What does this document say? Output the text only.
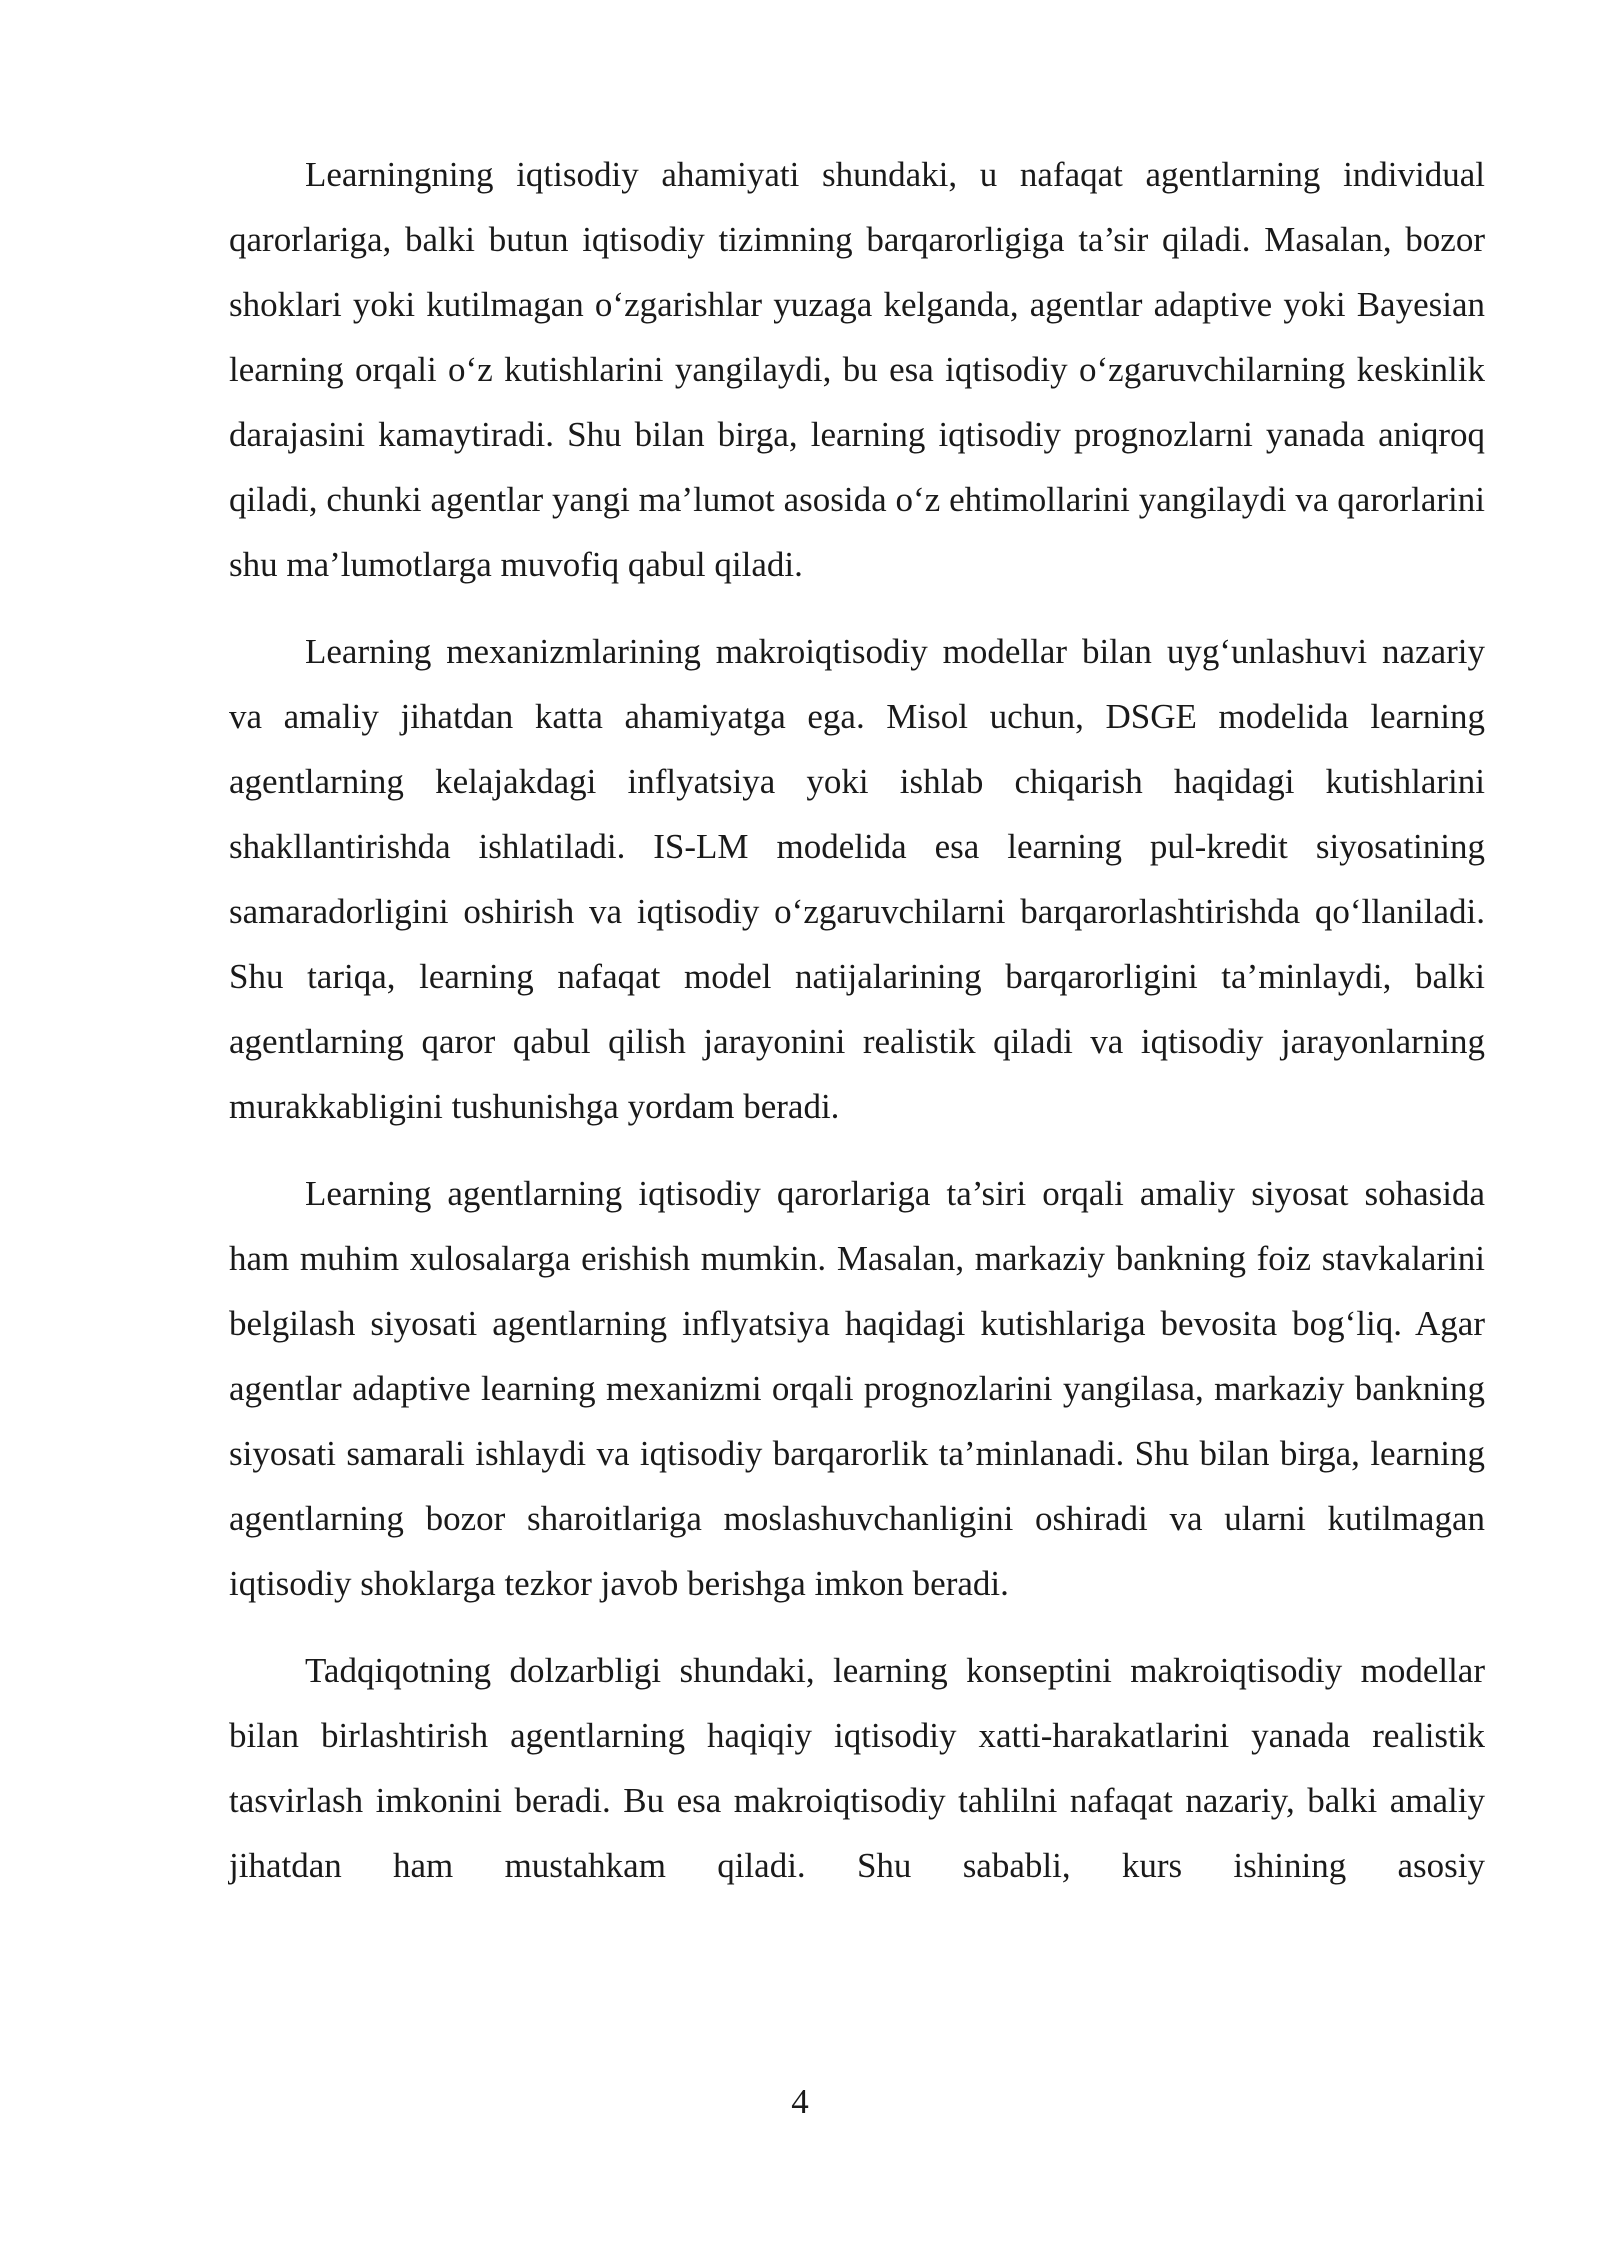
Learningning iqtisodiy ahamiyati shundaki, u nafaqat agentlarning individual qarorlariga, balki butun iqtisodiy tizimning barqarorligiga ta’sir qiladi. Masalan, bozor shoklari yoki kutilmagan o‘zgarishlar yuzaga kelganda, agentlar adaptive yoki Bayesian learning orqali o‘z kutishlarini yangilaydi, bu esa iqtisodiy o‘zgaruvchilarning keskinlik darajasini kamaytiradi. Shu bilan birga, learning iqtisodiy prognozlarni yanada aniqroq qiladi, chunki agentlar yangi ma’lumot asosida o‘z ehtimollarini yangilaydi va qarorlarini shu ma’lumotlarga muvofiq qabul qiladi.

Learning mexanizmlarining makroiqtisodiy modellar bilan uyg‘unlashuvi nazariy va amaliy jihatdan katta ahamiyatga ega. Misol uchun, DSGE modelida learning agentlarning kelajakdagi inflyatsiya yoki ishlab chiqarish haqidagi kutishlarini shakllantirishda ishlatiladi. IS-LM modelida esa learning pul-kredit siyosatining samaradorligini oshirish va iqtisodiy o‘zgaruvchilarni barqarorlashtirishda qo‘llaniladi. Shu tariqa, learning nafaqat model natijalarining barqarorligini ta’minlaydi, balki agentlarning qaror qabul qilish jarayonini realistik qiladi va iqtisodiy jarayonlarning murakkabligini tushunishga yordam beradi.

Learning agentlarning iqtisodiy qarorlariga ta’siri orqali amaliy siyosat sohasida ham muhim xulosalarga erishish mumkin. Masalan, markaziy bankning foiz stavkalarini belgilash siyosati agentlarning inflyatsiya haqidagi kutishlariga bevosita bog‘liq. Agar agentlar adaptive learning mexanizmi orqali prognozlarini yangilasa, markaziy bankning siyosati samarali ishlaydi va iqtisodiy barqarorlik ta’minlanadi. Shu bilan birga, learning agentlarning bozor sharoitlariga moslashuvchanligini oshiradi va ularni kutilmagan iqtisodiy shoklarga tezkor javob berishga imkon beradi.

Tadqiqotning dolzarbligi shundaki, learning konseptini makroiqtisodiy modellar bilan birlashtirish agentlarning haqiqiy iqtisodiy xatti-harakatlarini yanada realistik tasvirlash imkonini beradi. Bu esa makroiqtisodiy tahlilni nafaqat nazariy, balki amaliy jihatdan ham mustahkam qiladi. Shu sababli, kurs ishining asosiy

4
